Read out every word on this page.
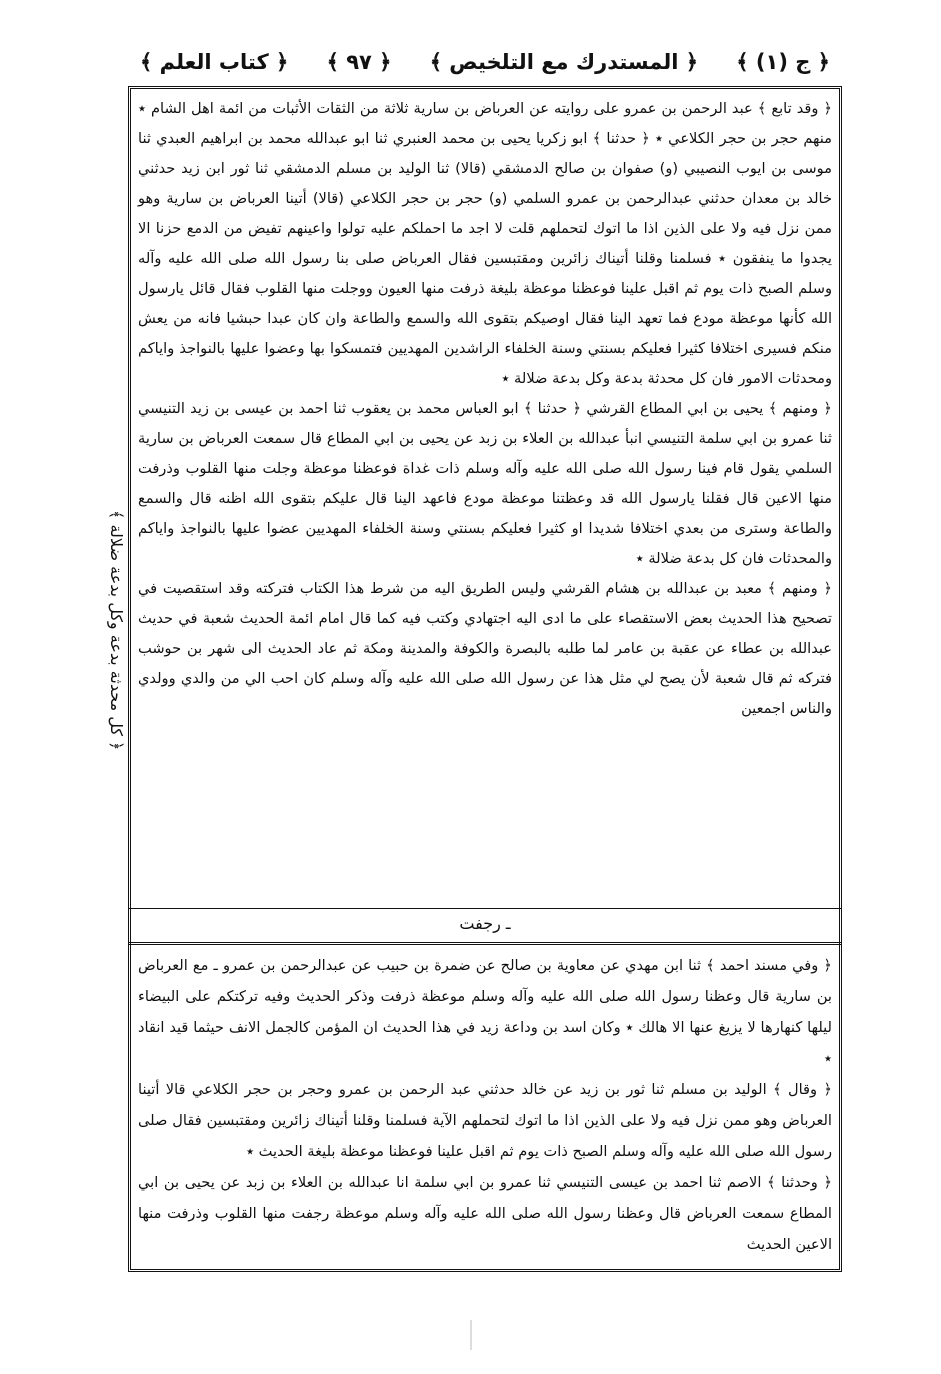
﴿ ج (١) ﴾
﴿ المستدرك مع التلخيص ﴾
﴿ ٩٧ ﴾
﴿ كتاب العلم ﴾
﴿ كل محدثة بدعة وكل بدعة ضلالة ﴾

﴿ وقد تابع ﴾ عبد الرحمن بن عمرو على روايته عن العرباض بن سارية ثلاثة من الثقات الأثبات من ائمة اهل الشام ٭ منهم حجر بن حجر الكلاعي ٭ ﴿ حدثنا ﴾ ابو زكريا يحيى بن محمد العنبري ثنا ابو عبدالله محمد بن ابراهيم العبدي ثنا موسى بن ايوب النصيبي (و) صفوان بن صالح الدمشقي (قالا) ثنا الوليد بن مسلم الدمشقي ثنا ثور ابن زيد حدثني خالد بن معدان حدثني عبدالرحمن بن عمرو السلمي (و) حجر بن حجر الكلاعي (قالا) أتينا العرباض بن سارية وهو ممن نزل فيه ولا على الذين اذا ما اتوك لتحملهم قلت لا اجد ما احملكم عليه تولوا واعينهم تفيض من الدمع حزنا الا يجدوا ما ينفقون ٭ فسلمنا وقلنا أتيناك زائرين ومقتبسين فقال العرباض صلى بنا رسول الله صلى الله عليه وآله وسلم الصبح ذات يوم ثم اقبل علينا فوعظنا موعظة بليغة ذرفت منها العيون ووجلت منها القلوب فقال قائل يارسول الله كأنها موعظة مودع فما تعهد الينا فقال اوصيكم بتقوى الله والسمع والطاعة وان كان عبدا حبشيا فانه من يعش منكم فسيرى اختلافا كثيرا فعليكم بسنتي وسنة الخلفاء الراشدين المهديين فتمسكوا بها وعضوا عليها بالنواجذ واياكم ومحدثات الامور فان كل محدثة بدعة وكل بدعة ضلالة ٭

﴿ ومنهم ﴾ يحيى بن ابي المطاع القرشي ﴿ حدثنا ﴾ ابو العباس محمد بن يعقوب ثنا احمد بن عيسى بن زيد التنيسي ثنا عمرو بن ابي سلمة التنيسي انبأ عبدالله بن العلاء بن زبد عن يحيى بن ابي المطاع قال سمعت العرباض بن سارية السلمي يقول قام فينا رسول الله صلى الله عليه وآله وسلم ذات غداة فوعظنا موعظة وجلت منها القلوب وذرفت منها الاعين قال فقلنا يارسول الله قد وعظتنا موعظة مودع فاعهد الينا قال عليكم بتقوى الله اظنه قال والسمع والطاعة وسترى من بعدي اختلافا شديدا او كثيرا فعليكم بسنتي وسنة الخلفاء المهديين عضوا عليها بالنواجذ واياكم والمحدثات فان كل بدعة ضلالة ٭

﴿ ومنهم ﴾ معبد بن عبدالله بن هشام القرشي وليس الطريق اليه من شرط هذا الكتاب فتركته وقد استقصيت في تصحيح هذا الحديث بعض الاستقصاء على ما ادى اليه اجتهادي وكتب فيه كما قال امام ائمة الحديث شعبة في حديث عبدالله بن عطاء عن عقبة بن عامر لما طلبه بالبصرة والكوفة والمدينة ومكة ثم عاد الحديث الى شهر بن حوشب فتركه ثم قال شعبة لأن يصح لي مثل هذا عن رسول الله صلى الله عليه وآله وسلم كان احب الي من والدي وولدي والناس اجمعين

ـ رجفت

﴿ وفي مسند احمد ﴾ ثنا ابن مهدي عن معاوية بن صالح عن ضمرة بن حبيب عن عبدالرحمن بن عمرو ـ مع العرباض بن سارية قال وعظنا رسول الله صلى الله عليه وآله وسلم موعظة ذرفت وذكر الحديث وفيه تركتكم على البيضاء ليلها كنهارها لا يزيغ عنها الا هالك ٭ وكان اسد بن وداعة زيد في هذا الحديث ان المؤمن كالجمل الانف حيثما قيد انقاد ٭

﴿ وقال ﴾ الوليد بن مسلم ثنا ثور بن زيد عن خالد حدثني عبد الرحمن بن عمرو وحجر بن حجر الكلاعي قالا أتينا العرباض وهو ممن نزل فيه ولا على الذين اذا ما اتوك لتحملهم الآية فسلمنا وقلنا أتيناك زائرين ومقتبسين فقال صلى رسول الله صلى الله عليه وآله وسلم الصبح ذات يوم ثم اقبل علينا فوعظنا موعظة بليغة الحديث ٭

﴿ وحدثنا ﴾ الاصم ثنا احمد بن عيسى التنيسي ثنا عمرو بن ابي سلمة انا عبدالله بن العلاء بن زبد عن يحيى بن ابي المطاع سمعت العرباض قال وعظنا رسول الله صلى الله عليه وآله وسلم موعظة رجفت منها القلوب وذرفت منها الاعين الحديث
